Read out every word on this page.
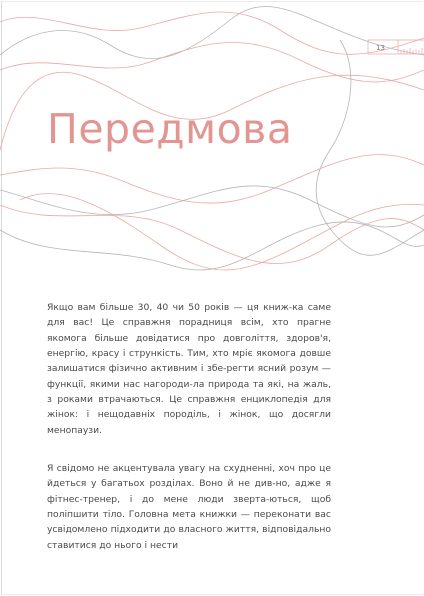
13
Передмова

Якщо вам більше 30, 40 чи 50 років — ця книж-ка саме для вас! Це справжня порадниця всім, хто прагне якомога більше довідатися про довголіття, здоров'я, енергію, красу і стрункість. Тим, хто мріє якомога довше залишатися фізично активним і збе-регти ясний розум — функції, якими нас нагороди-ла природа та які, на жаль, з роками втрачаються. Це справжня енциклопедія для жінок: і нещодавніх породіль, і жінок, що досягли менопаузи.

Я свідомо не акцентувала увагу на схудненні, хоч про це йдеться у багатьох розділах. Воно й не див-но, адже я фітнес-тренер, і до мене люди зверта-ються, щоб поліпшити тіло. Головна мета книжки — переконати вас усвідомлено підходити до власного життя, відповідально ставитися до нього і нести
